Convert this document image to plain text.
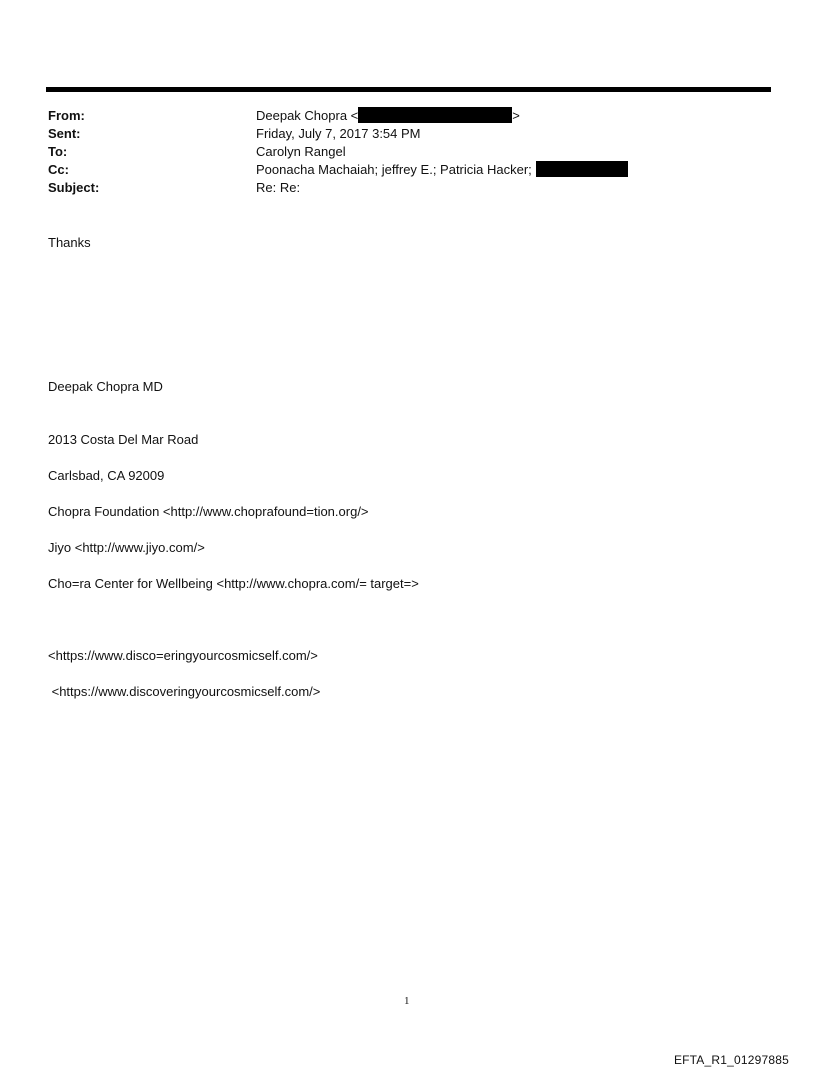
From:	Deepak Chopra <	>
Sent:	Friday, July 7, 2017 3:54 PM
To:	Carolyn Rangel
Cc:	Poonacha Machaiah; jeffrey E.; Patricia Hacker;
Subject:	Re: Re:
Thanks
Deepak Chopra MD
2013 Costa Del Mar Road
Carlsbad, CA 92009
Chopra Foundation <http://www.choprafound=tion.org/>
Jiyo <http://www.jiyo.com/>
Cho=ra Center for Wellbeing <http://www.chopra.com/= target=>
<https://www.disco=eringyourcosmicself.com/>
<https://www.discoveringyourcosmicself.com/>
1
EFTA_R1_01297885
